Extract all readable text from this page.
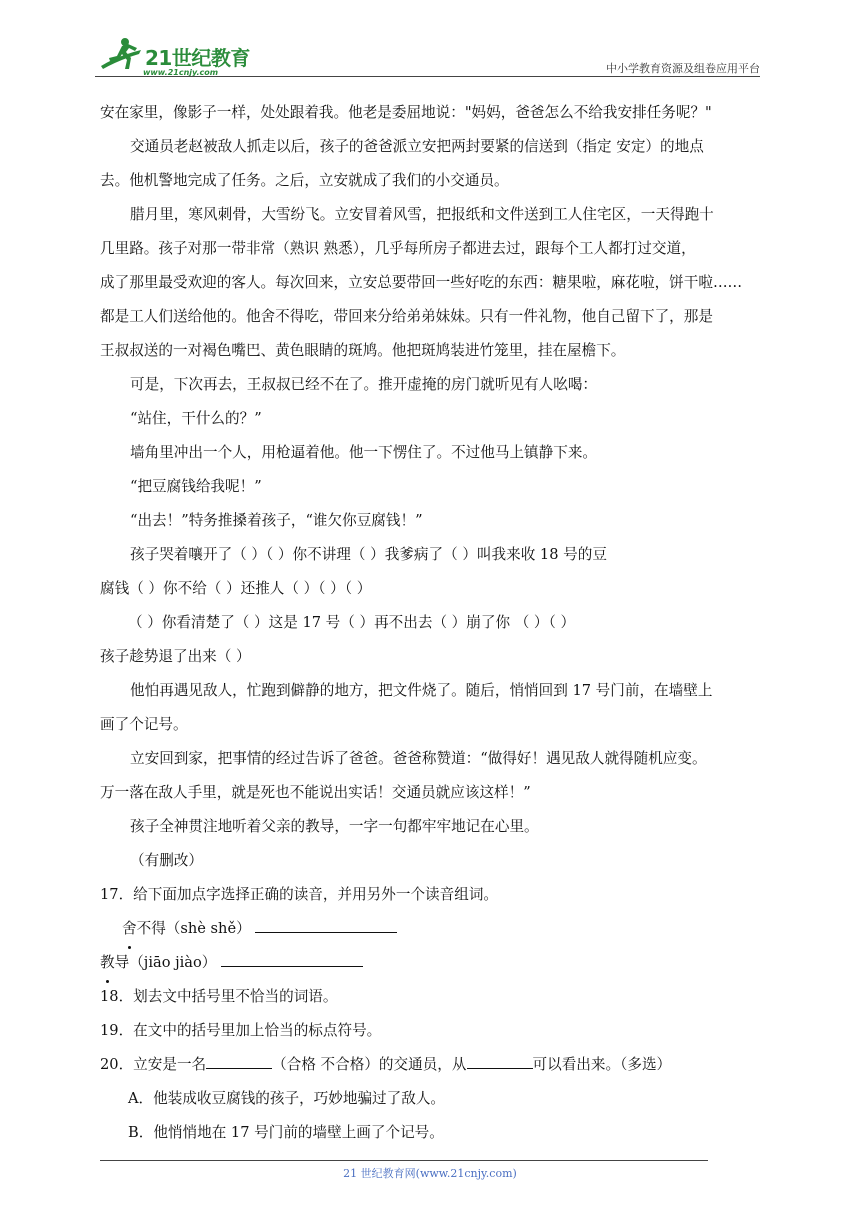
21世纪教育
www.21cnjy.com	中小学教育资源及组卷应用平台

安在家里，像影子一样，处处跟着我。他老是委屈地说："妈妈，爸爸怎么不给我安排任务呢？"

交通员老赵被敌人抓走以后，孩子的爸爸派立安把两封要紧的信送到（指定 安定）的地点

去。他机警地完成了任务。之后，立安就成了我们的小交通员。

腊月里，寒风刺骨，大雪纷飞。立安冒着风雪，把报纸和文件送到工人住宅区，一天得跑十

几里路。孩子对那一带非常（熟识 熟悉），几乎每所房子都进去过，跟每个工人都打过交道，

成了那里最受欢迎的客人。每次回来，立安总要带回一些好吃的东西：糖果啦，麻花啦，饼干啦……

都是工人们送给他的。他舍不得吃，带回来分给弟弟妹妹。只有一件礼物，他自己留下了，那是

王叔叔送的一对褐色嘴巴、黄色眼睛的斑鸠。他把斑鸠装进竹笼里，挂在屋檐下。

可是，下次再去，王叔叔已经不在了。推开虚掩的房门就听见有人吆喝：

“站住，干什么的？”

墙角里冲出一个人，用枪逼着他。他一下愣住了。不过他马上镇静下来。

“把豆腐钱给我呢！”

“出去！”特务推搡着孩子，“谁欠你豆腐钱！”

孩子哭着嚷开了（ ）（ ）你不讲理（ ）我爹病了（ ）叫我来收 18 号的豆

腐钱（ ）你不给（ ）还推人（ ）（ ）（ ）

（ ）你看清楚了（ ）这是 17 号（ ）再不出去（ ）崩了你 （ ）（ ）

孩子趁势退了出来（ ）

他怕再遇见敌人，忙跑到僻静的地方，把文件烧了。随后，悄悄回到 17 号门前，在墙壁上

画了个记号。

立安回到家，把事情的经过告诉了爸爸。爸爸称赞道：“做得好！遇见敌人就得随机应变。

万一落在敌人手里，就是死也不能说出实话！交通员就应该这样！”

孩子全神贯注地听着父亲的教导，一字一句都牢牢地记在心里。

（有删改）

17．给下面加点字选择正确的读音，并用另外一个读音组词。

舍不得（shè shě）

教导（jiāo jiào）

18．划去文中括号里不恰当的词语。

19．在文中的括号里加上恰当的标点符号。

20．立安是一名	（合格 不合格）的交通员，从	可以看出来。（多选）

A．他装成收豆腐钱的孩子，巧妙地骗过了敌人。

B．他悄悄地在 17 号门前的墙壁上画了个记号。

21 世纪教育网(www.21cnjy.com)
